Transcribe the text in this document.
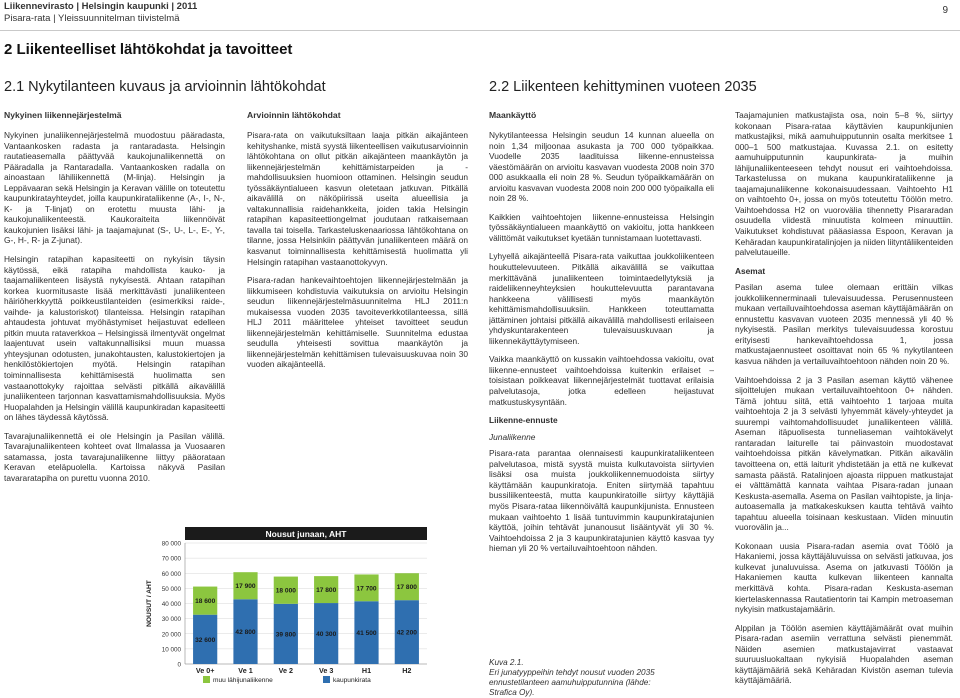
Liikennevirasto | Helsingin kaupunki | 2011
Pisara-rata | Yleissuunnitelman tiivistelmä
9
2 Liikenteelliset lähtökohdat ja tavoitteet
2.1 Nykytilanteen kuvaus ja arvioinnin lähtökohdat	2.2 Liikenteen kehittyminen vuoteen 2035
Nykyinen liikennejärjestelmä	Arvioinnin lähtökohdat	Maankäyttö

Nykyinen junaliikennejärjestelmä muodostuu pääradasta, Vantaankosken radasta ja rantaradasta. Helsingin rautatieasemalla päättyvää kaukojunaliikennettä on Pääradalla ja Rantaradalla. Vantaankosken radalla on ainoastaan lähiliikennettä (M-linja). Helsingin ja Leppävaaran sekä Helsingin ja Keravan välille on toteutettu kaupunkiratayhteydet, joilla kaupunkirataliikenne (A-, I-, N-, K- ja T-linjat) on erotettu muusta lähi- ja kaukojunaliikenteestä. Kaukoraiteita liikennöivät kaukojunien lisäksi lähi- ja taajamajunat (S-, U-, L-, E-, Y-, G-, H-, R- ja Z-junat).

Helsingin ratapihan kapasiteetti on nykyisin täysin käytössä, eikä ratapiha mahdollista kauko- ja taajamaliikenteen lisäystä nykyisestä. Ahtaan ratapihan korkea kuormitusaste lisää merkittävästi junaliikenteen häiriöherkkyyttä poikkeustilanteiden (esimerkiksi raide-, vaihde- ja kalustoriskot) tilanteissa. Helsingin ratapihan ahtaudesta johtuvat myöhästymiset heijastuvat edelleen pitkin muuta rataverkkoa – Helsingissä ilmentyvät ongelmat laajentuvat usein valtakunnallisiksi muun muassa yhteysjunan odotusten, junakohtausten, kalustokiertojen ja henkilöstökiertojen myötä. Helsingin ratapihan toiminnallisesta kehittämisestä huolimatta sen vastaanottokyky rajoittaa selvästi pitkällä aikavälillä junaliikenteen tarjonnan kasvattamismahdollisuuksia. Myös Huopalahden ja Helsingin välillä kaupunkiradan kapasiteetti on lähes täydessä käytössä.

Tavarajunaliikennettä ei ole Helsingin ja Pasilan välillä. Tavarajunaliikenteen kohteet ovat Ilmalassa ja Vuosaaren satamassa, josta tavarajunaliikenne liittyy pääorataan Keravan eteläpuolella. Kartoissa näkyvä Pasilan tavararatapiha on purettu vuonna 2010.

Pisara-rata on vaikutuksiltaan laaja pitkän aikajänteen kehityshanke, mistä syystä liikenteellisen vaikutusarvioinnin lähtökohtana on ollut pitkän aikajänteen maankäytön ja liikennejärjestelmän kehittämistarpeiden ja -mahdollisuuksien huomioon ottaminen. Helsingin seudun työssäkäyntialueen kasvun oletetaan jatkuvan. Pitkällä aikavälillä on näköpiirissä useita alueellisia ja valtakunnallisia raidehankkeita, joiden takia Helsingin ratapihan kapasiteettiongelmat joudutaan ratkaisemaan tavalla tai toisella. Tarkasteluskenaariossa lähtökohtana on tilanne, jossa Helsinkiin päättyvän junaliikenteen määrä on kasvanut toiminnallisesta kehittämisestä huolimatta yli Helsingin ratapihan vastaanottokyvyn.

Pisara-radan hankevaihtoehtojen liikennejärjestelmään ja liikkumiseen kohdistuvia vaikutuksia on arvioitu Helsingin seudun liikennejärjestelmäsuunnitelma HLJ 2011:n mukaisessa vuoden 2035 tavoiteverkkotilanteessa, sillä HLJ 2011 määrittelee yhteiset tavoitteet seudun liikennejärjestelmän kehittämiselle. Suunnitelma edustaa seudulla yhteisesti sovittua maankäytön ja liikennejärjestelmän kehittämisen tulevaisuuskuvaa noin 30 vuoden aikajänteellä.

Nykytilanteessa Helsingin seudun 14 kunnan alueella on noin 1,34 miljoonaa asukasta ja 700 000 työpaikkaa. Vuodelle 2035 laadituissa liikenne-ennusteissa väestömäärän on arvioitu kasvavan vuodesta 2008 noin 370 000 asukkaalla eli noin 28 %. Seudun työpaikkamäärän on arvioitu kasvavan vuodesta 2008 noin 200 000 työpaikalla eli noin 28 %.

Kaikkien vaihtoehtojen liikenne-ennusteissa Helsingin työssäkäyntialueen maankäyttö on vakioitu, jotta hankkeen välittömät vaikutukset kyetään tunnistamaan luotettavasti.

Lyhyellä aikajänteellä Pisara-rata vaikuttaa joukkoliikenteen houkuttelevuuteen. Pitkällä aikavälillä se vaikuttaa merkittävänä junaliikenteen toimintaedellytyksiä ja raideliikenneyhteyksien houkuttelevuutta parantavana hankkeena välillisesti myös maankäytön kehittämismahdollisuuksiin. Hankkeen toteuttamatta jättäminen johtaisi pitkällä aikavälillä mahdollisesti erilaiseen yhdyskuntarakenteen tulevaisuuskuvaan ja liikennekäyttäytymiseen.

Vaikka maankäyttö on kussakin vaihtoehdossa vakioitu, ovat liikenne-ennusteet vaihtoehdoissa kuitenkin erilaiset – toisistaan poikkeavat liikennejärjestelmät tuottavat erilaisia palvelutasoja, jotka edelleen heijastuvat matkustuskysyntään.

Liikenne-ennuste

Junaliikenne

Pisara-rata parantaa olennaisesti kaupunkirataliikenteen palvelutasoa, mistä syystä muista kulkutavoista siirtyvien lisäksi osa muista joukkoliikennemuodoista siirtyy käyttämään kaupunkiratoja. Eniten siirtymää tapahtuu bussiliikenteestä, mutta kaupunkiratoille siirtyy käyttäjiä myös Pisara-rataa liikennöivältä kaupunkijunista. Ennusteen mukaan vaihtoehto 1 lisää tuntuvimmin kaupunkiratajunien käyttöä, joihin tehtävät junanousut lisääntyvät yli 30 %. Vaihtoehdoissa 2 ja 3 kaupunkiratajunien käyttö kasvaa tyy hieman yli 20 % vertailuvaihtoehtoon nähden.

Kuva 2.1.
Eri junatyyppeihin tehdyt nousut vuoden 2035 ennustetilanteen aamuhuipputunnina (lähde: Strafica Oy).

Taajamajunien matkustajista osa, noin 5–8 %, siirtyy kokonaan Pisara-rataa käyttävien kaupunkijunien matkustajiksi, mikä aamuhuipputunnin osalta merkitsee 1 000–1 500 matkustajaa. Kuvassa 2.1. on esitetty aamuhuipputunnin kaupunkirata- ja muihin lähijunaliikenteeseen tehdyt nousut eri vaihtoehdoissa. Tarkastelussa on mukana kaupunkirataliikenne ja taajamajunaliikenne kokonaisuudessaan. Vaihtoehto H1 on vaihtoehto 0+, jossa on myös toteutettu Töölön metro. Vaihtoehdossa H2 on vuorovälia tihennetty Pisararadan osuudella viidestä minuutista kolmeen minuuttiin. Vaikutukset kohdistuvat pääasiassa Espoon, Keravan ja Kehäradan kaupunkiratalinjojen ja niiden liityntäliikenteiden palvelutaueille.

Asemat

Pasilan asema tulee olemaan erittäin vilkas joukkoliikennerminaali tulevaisuudessa. Perusennusteen mukaan vertailuvaihtoehdossa aseman käyttäjämäärän on ennustettu kasvavan vuoteen 2035 mennessä yli 40 % nykyisestä. Pasilan merkitys tulevaisuudessa korostuu erityisesti hankevaihtoehdossa 1, jossa matkustajaennusteet osoittavat noin 65 % nykytilanteen kasvua nähden ja vertailuvaihtoehtoon nähden noin 20 %.

Vaihtoehdoissa 2 ja 3 Pasilan aseman käyttö vähenee sijoittelujen mukaan vertailuvaihtoehtoon 0+ nähden. Tämä johtuu siitä, että vaihtoehto 1 tarjoaa muita vaihtoehtoja 2 ja 3 selvästi lyhyemmät kävely-yhteydet ja suurempi vaihtomahdollisuudet junaliikenteen välillä. Aseman itäpuolisesta tunneliaseman vaihtokävelyt rantaradan laiturelle tai päinvastoin muodostavat vaihtoehdoissa pitkän kävelymatkan. Pitkän aikavälin tavoitteena on, että laiturit yhdistetään ja että ne kulkevat samasta päästä. Ratalinjoen ajoasta riippuen matkustajat ei välttämättä kannata vaihtaa Pisara-radan junaan Keskusta-asemalla. Asema on Pasilan vaihtopiste, ja linja-autoasemalla ja matkakeskuksen kautta tehtävä vaihto tapahtuu alueella toisinaan keskustaan. Viiden minuutin vuorovälin ja...

Kokonaan uusia Pisara-radan asemia ovat Töölö ja Hakaniemi, jossa käyttäjäluvuissa on selvästi jatkuvaa, jos kulkevat junaluvuissa. Asema on jatkuvasti Töölön ja Hakaniemen kautta kulkevan liikenteen kannalta merkittävä kohta. Pisara-radan Keskusta-aseman kiertelaskennassa Rautatientorin tai Kampin metroaseman nykyisin matkustajamäärin.

Alppilan ja Töölön asemien käyttäjämäärät ovat muihin Pisara-radan asemiin verrattuna selvästi pienemmät. Näiden asemien matkustajavirrat vastaavat suuruusluokaltaan nykyisiä Huopalahden aseman käyttäjämääriä sekä Kehäradan Kivistön aseman tulevia käyttäjämääriä.

Nousut junaan, AHT
0
10 000
20 000
30 000
40 000
50 000
60 000
70 000
80 000
NOUSUT / AHT
32 600
18 600
Ve 0+
42 800
17 900
Ve 1
39 800
18 000
Ve 2
40 300
17 800
Ve 3
41 500
17 700
H1
42 200
17 800
H2
muu lähijunaliikenne	kaupunkirata
